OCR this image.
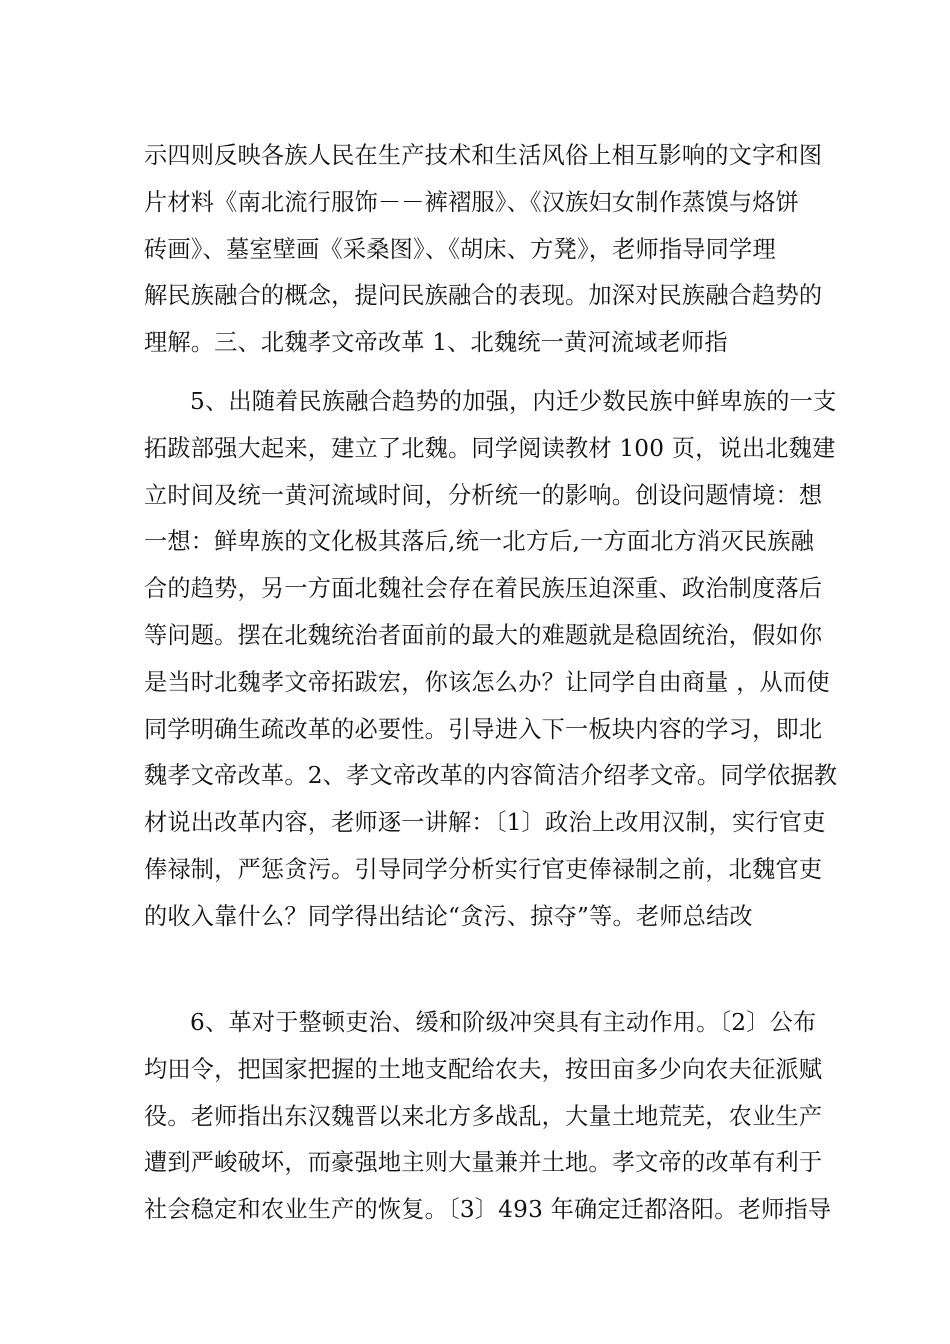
示四则反映各族人民在生产技术和生活风俗上相互影响的文字和图
片材料《南北流行服饰－－裤褶服》、《汉族妇女制作蒸馍与烙饼
砖画》、墓室壁画《采桑图》、《胡床、方凳》，老师指导同学理
解民族融合的概念，提问民族融合的表现。加深对民族融合趋势的
理解。三、北魏孝文帝改革 1、北魏统一黄河流域老师指
5、出随着民族融合趋势的加强，内迁少数民族中鲜卑族的一支
拓跋部强大起来，建立了北魏。同学阅读教材 100 页，说出北魏建
立时间及统一黄河流域时间，分析统一的影响。创设问题情境：想
一想：鲜卑族的文化极其落后,统一北方后,一方面北方消灭民族融
合的趋势，另一方面北魏社会存在着民族压迫深重、政治制度落后
等问题。摆在北魏统治者面前的最大的难题就是稳固统治，假如你
是当时北魏孝文帝拓跋宏，你该怎么办？让同学自由商量 ，从而使
同学明确生疏改革的必要性。引导进入下一板块内容的学习，即北
魏孝文帝改革。2、孝文帝改革的内容简洁介绍孝文帝。同学依据教
材说出改革内容，老师逐一讲解：〔1〕政治上改用汉制，实行官吏
俸禄制，严惩贪污。引导同学分析实行官吏俸禄制之前，北魏官吏
的收入靠什么？同学得出结论“贪污、掠夺”等。老师总结改
6、革对于整顿吏治、缓和阶级冲突具有主动作用。〔2〕公布
均田令，把国家把握的土地支配给农夫，按田亩多少向农夫征派赋
役。老师指出东汉魏晋以来北方多战乱，大量土地荒芜，农业生产
遭到严峻破坏，而豪强地主则大量兼并土地。孝文帝的改革有利于
社会稳定和农业生产的恢复。〔3〕493 年确定迁都洛阳。老师指导
